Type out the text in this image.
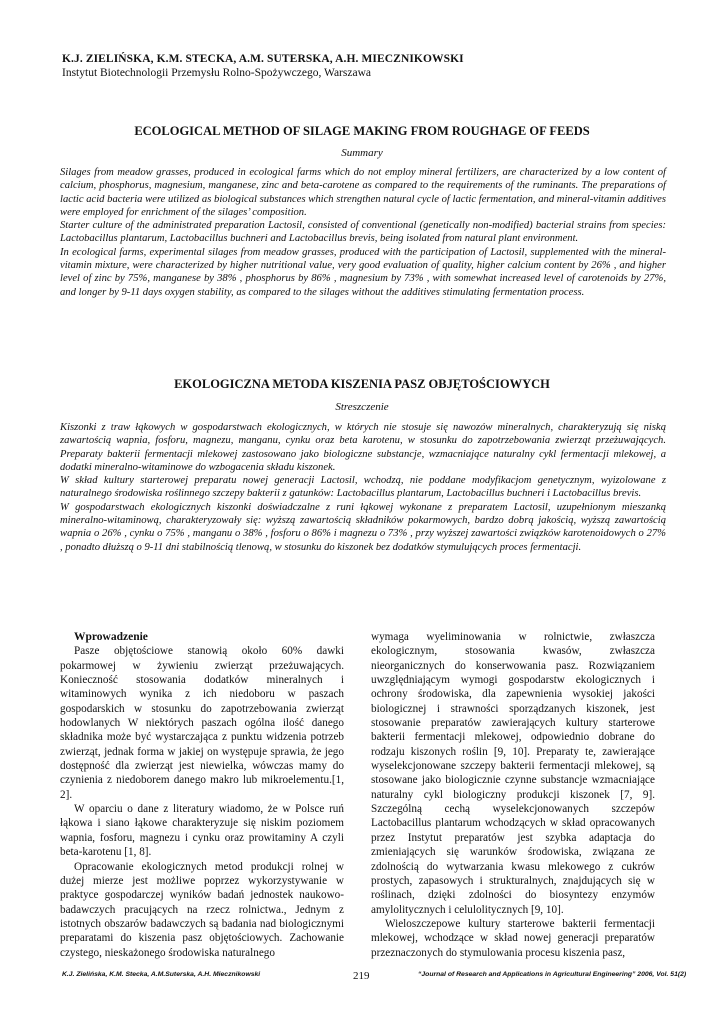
K.J. ZIELIŃSKA, K.M. STECKA, A.M. SUTERSKA, A.H. MIECZNIKOWSKI
Instytut Biotechnologii Przemysłu Rolno-Spożywczego, Warszawa
ECOLOGICAL METHOD OF SILAGE MAKING FROM ROUGHAGE OF FEEDS
Summary

Silages from meadow grasses, produced in ecological farms which do not employ mineral fertilizers, are characterized by a low content of calcium, phosphorus, magnesium, manganese, zinc and beta-carotene as compared to the requirements of the ruminants. The preparations of lactic acid bacteria were utilized as biological substances which strengthen natural cycle of lactic fermentation, and mineral-vitamin additives were employed for enrichment of the silages’ composition.

Starter culture of the administrated preparation Lactosil, consisted of conventional (genetically non-modified) bacterial strains from species: Lactobacillus plantarum, Lactobacillus buchneri and Lactobacillus brevis, being isolated from natural plant environment.

In ecological farms, experimental silages from meadow grasses, produced with the participation of Lactosil, supplemented with the mineral-vitamin mixture, were characterized by higher nutritional value, very good evaluation of quality, higher calcium content by 26% , and higher level of zinc by 75%, manganese by 38% , phosphorus by 86% , magnesium by 73% , with somewhat increased level of carotenoids by 27%, and longer by 9-11 days oxygen stability, as compared to the silages without the additives stimulating fermentation process.

EKOLOGICZNA METODA KISZENIA PASZ OBJĘTOŚCIOWYCH
Streszczenie

Kiszonki z traw łąkowych w gospodarstwach ekologicznych, w których nie stosuje się nawozów mineralnych, charakteryzują się niską zawartością wapnia, fosforu, magnezu, manganu, cynku oraz beta karotenu, w stosunku do zapotrzebowania zwierząt przeżuwających. Preparaty bakterii fermentacji mlekowej zastosowano jako biologiczne substancje, wzmacniające naturalny cykl fermentacji mlekowej, a dodatki mineralno-witaminowe do wzbogacenia składu kiszonek.

W skład kultury starterowej preparatu nowej generacji Lactosil, wchodzą, nie poddane modyfikacjom genetycznym, wyizolowane z naturalnego środowiska roślinnego szczepy bakterii z gatunków: Lactobacillus plantarum, Lactobacillus buchneri i Lactobacillus brevis.

W gospodarstwach ekologicznych kiszonki doświadczalne z runi łąkowej wykonane z preparatem Lactosil, uzupełnionym mieszanką mineralno-witaminową, charakteryzowały się: wyższą zawartością składników pokarmowych, bardzo dobrą jakością, wyższą zawartością wapnia o 26% , cynku o 75% , manganu o 38% , fosforu o 86% i magnezu o 73% , przy wyższej zawartości związków karotenoidowych o 27% , ponadto dłuższą o 9-11 dni stabilnością tlenową, w stosunku do kiszonek bez dodatków stymulujących proces fermentacji.

Wprowadzenie

Pasze objętościowe stanowią około 60% dawki pokarmowej w żywieniu zwierząt przeżuwających. Konieczność stosowania dodatków mineralnych i witaminowych wynika z ich niedoboru w paszach gospodarskich w stosunku do zapotrzebowania zwierząt hodowlanych W niektórych paszach ogólna ilość danego składnika może być wystarczająca z punktu widzenia potrzeb zwierząt, jednak forma w jakiej on występuje sprawia, że jego dostępność dla zwierząt jest niewielka, wówczas mamy do czynienia z niedoborem danego makro lub mikroelementu.[1, 2].

W oparciu o dane z literatury wiadomo, że w Polsce ruń łąkowa i siano łąkowe charakteryzuje się niskim poziomem wapnia, fosforu, magnezu i cynku oraz prowitaminy A czyli beta-karotenu [1, 8].

Opracowanie ekologicznych metod produkcji rolnej w dużej mierze jest możliwe poprzez wykorzystywanie w praktyce gospodarczej wyników badań jednostek naukowo-badawczych pracujących na rzecz rolnictwa., Jednym z istotnych obszarów badawczych są badania nad biologicznymi preparatami do kiszenia pasz objętościowych. Zachowanie czystego, nieskażonego środowiska naturalnego

wymaga wyeliminowania w rolnictwie, zwłaszcza ekologicznym, stosowania kwasów, zwłaszcza nieorganicznych do konserwowania pasz. Rozwiązaniem uwzględniającym wymogi gospodarstw ekologicznych i ochrony środowiska, dla zapewnienia wysokiej jakości biologicznej i strawności sporządzanych kiszonek, jest stosowanie preparatów zawierających kultury starterowe bakterii fermentacji mlekowej, odpowiednio dobrane do rodzaju kiszonych roślin [9, 10]. Preparaty te, zawierające wyselekcjonowane szczepy bakterii fermentacji mlekowej, są stosowane jako biologicznie czynne substancje wzmacniające naturalny cykl biologiczny produkcji kiszonek [7, 9]. Szczególną cechą wyselekcjonowanych szczepów Lactobacillus plantarum wchodzących w skład opracowanych przez Instytut preparatów jest szybka adaptacja do zmieniających się warunków środowiska, związana ze zdolnością do wytwarzania kwasu mlekowego z cukrów prostych, zapasowych i strukturalnych, znajdujących się w roślinach, dzięki zdolności do biosyntezy enzymów amylolitycznych i celulolitycznych [9, 10].

Wieloszczepowe kultury starterowe bakterii fermentacji mlekowej, wchodzące w skład nowej generacji preparatów przeznaczonych do stymulowania procesu kiszenia pasz,

K.J. Zielińska, K.M. Stecka, A.M.Suterska, A.H. Miecznikowski	219	“Journal of Research and Applications in Agricultural Engineering” 2006, Vol. 51(2)
